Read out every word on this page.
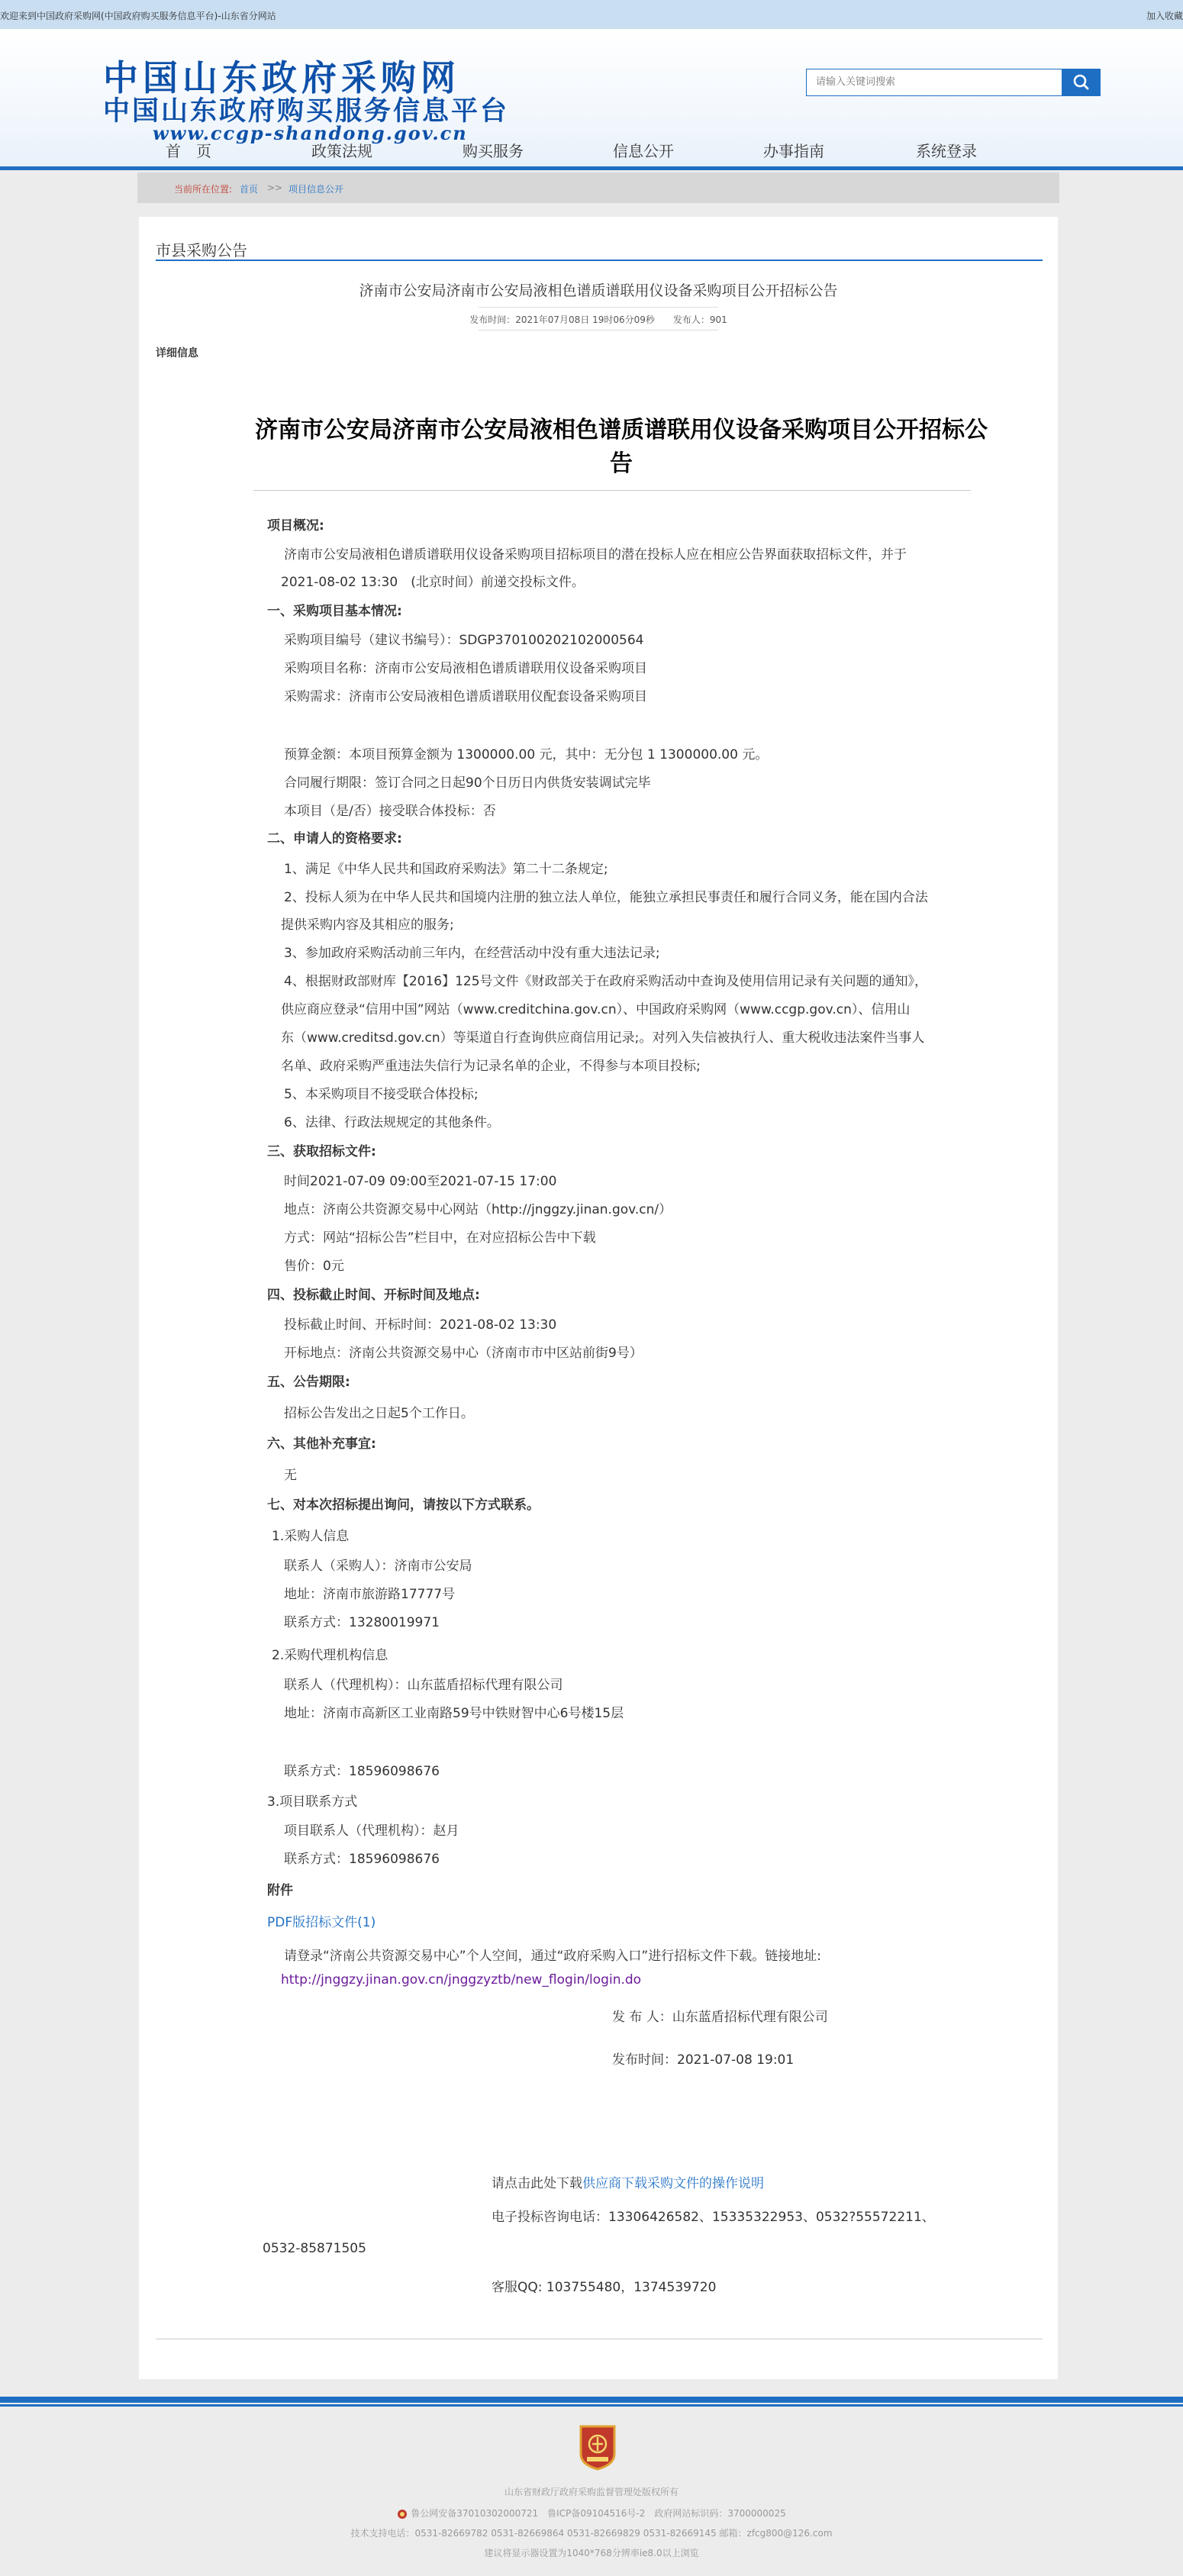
欢迎来到中国政府采购网(中国政府购买服务信息平台)-山东省分网站	加入收藏
中国山东政府采购网
中国山东政府购买服务信息平台
www.ccgp-shandong.gov.cn
请输入关键词搜索
首　页	政策法规	购买服务	信息公开	办事指南	系统登录
当前所在位置: 首页 >> 项目信息公开
市县采购公告
济南市公安局济南市公安局液相色谱质谱联用仪设备采购项目公开招标公告
发布时间：2021年07月08日 19时06分09秒　　发布人：901
详细信息
济南市公安局济南市公安局液相色谱质谱联用仪设备采购项目公开招标公告
项目概况:
济南市公安局液相色谱质谱联用仪设备采购项目招标项目的潜在投标人应在相应公告界面获取招标文件，并于
2021-08-02 13:30　(北京时间）前递交投标文件。
一、采购项目基本情况:
采购项目编号（建议书编号）：SDGP370100202102000564
采购项目名称：济南市公安局液相色谱质谱联用仪设备采购项目
采购需求：济南市公安局液相色谱质谱联用仪配套设备采购项目
预算金额：本项目预算金额为 1300000.00 元，其中：无分包 1 1300000.00 元。
合同履行期限：签订合同之日起90个日历日内供货安装调试完毕
本项目（是/否）接受联合体投标：否
二、申请人的资格要求:
1、满足《中华人民共和国政府采购法》第二十二条规定;
2、投标人须为在中华人民共和国境内注册的独立法人单位，能独立承担民事责任和履行合同义务，能在国内合法
提供采购内容及其相应的服务;
3、参加政府采购活动前三年内，在经营活动中没有重大违法记录;
4、根据财政部财库【2016】125号文件《财政部关于在政府采购活动中查询及使用信用记录有关问题的通知》，
供应商应登录“信用中国”网站（www.creditchina.gov.cn）、中国政府采购网（www.ccgp.gov.cn）、信用山
东（www.creditsd.gov.cn）等渠道自行查询供应商信用记录;。对列入失信被执行人、重大税收违法案件当事人
名单、政府采购严重违法失信行为记录名单的企业，不得参与本项目投标;
5、本采购项目不接受联合体投标;
6、法律、行政法规规定的其他条件。
三、获取招标文件:
时间2021-07-09 09:00至2021-07-15 17:00
地点：济南公共资源交易中心网站（http://jnggzy.jinan.gov.cn/）
方式：网站“招标公告”栏目中，在对应招标公告中下载
售价：0元
四、投标截止时间、开标时间及地点:
投标截止时间、开标时间：2021-08-02 13:30
开标地点：济南公共资源交易中心（济南市市中区站前街9号）
五、公告期限:
招标公告发出之日起5个工作日。
六、其他补充事宜:
无
七、对本次招标提出询问，请按以下方式联系。
1.采购人信息
联系人（采购人）：济南市公安局
地址：济南市旅游路17777号
联系方式：13280019971
2.采购代理机构信息
联系人（代理机构）：山东蓝盾招标代理有限公司
地址：济南市高新区工业南路59号中铁财智中心6号楼15层
联系方式：18596098676
3.项目联系方式
项目联系人（代理机构）：赵月
联系方式：18596098676
附件
PDF版招标文件(1)
请登录“济南公共资源交易中心”个人空间，通过“政府采购入口”进行招标文件下载。链接地址:
http://jnggzy.jinan.gov.cn/jnggzyztb/new_flogin/login.do
发 布 人：山东蓝盾招标代理有限公司
发布时间：2021-07-08 19:01
请点击此处下载供应商下载采购文件的操作说明
电子投标咨询电话：13306426582、15335322953、0532?55572211、
0532-85871505
客服QQ: 103755480，1374539720
山东省财政厅政府采购监督管理处版权所有
鲁公网安备37010302000721　鲁ICP备09104516号-2　政府网站标识码：3700000025
技术支持电话：0531-82669782 0531-82669864 0531-82669829 0531-82669145 邮箱：zfcg800@126.com
建议将显示器设置为1040*768分辨率ie8.0以上浏览
